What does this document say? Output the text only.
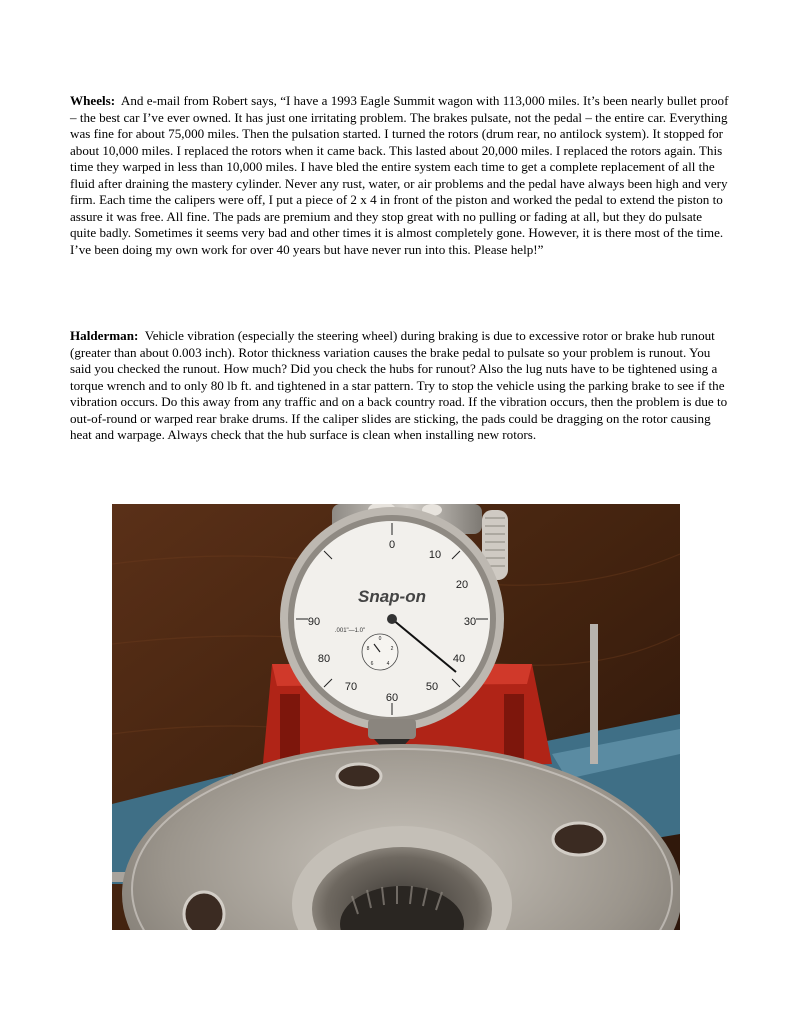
Wheels: And e-mail from Robert says, “I have a 1993 Eagle Summit wagon with 113,000 miles. It’s been nearly bullet proof – the best car I’ve ever owned. It has just one irritating problem. The brakes pulsate, not the pedal – the entire car. Everything was fine for about 75,000 miles. Then the pulsation started. I turned the rotors (drum rear, no antilock system). It stopped for about 10,000 miles. I replaced the rotors when it came back. This lasted about 20,000 miles. I replaced the rotors again. This time they warped in less than 10,000 miles. I have bled the entire system each time to get a complete replacement of all the fluid after draining the mastery cylinder. Never any rust, water, or air problems and the pedal have always been high and very firm. Each time the calipers were off, I put a piece of 2 x 4 in front of the piston and worked the pedal to extend the piston to assure it was free. All fine. The pads are premium and they stop great with no pulling or fading at all, but they do pulsate quite badly. Sometimes it seems very bad and other times it is almost completely gone. However, it is there most of the time. I’ve been doing my own work for over 40 years but have never run into this. Please help!”

Halderman: Vehicle vibration (especially the steering wheel) during braking is due to excessive rotor or brake hub runout (greater than about 0.003 inch). Rotor thickness variation causes the brake pedal to pulsate so your problem is runout. You said you checked the runout. How much? Did you check the hubs for runout? Also the lug nuts have to be tightened using a torque wrench and to only 80 lb ft. and tightened in a star pattern. Try to stop the vehicle using the parking brake to see if the vibration occurs. Do this away from any traffic and on a back country road. If the vibration occurs, then the problem is due to out-of-round or warped rear brake drums. If the caliper slides are sticking, the pads could be dragging on the rotor causing heat and warpage. Always check that the hub surface is clean when installing new rotors.

0
10
20
30
40
50
60
70
80
90
Snap-on
.001"—1.0"
0
2
4
6
8
